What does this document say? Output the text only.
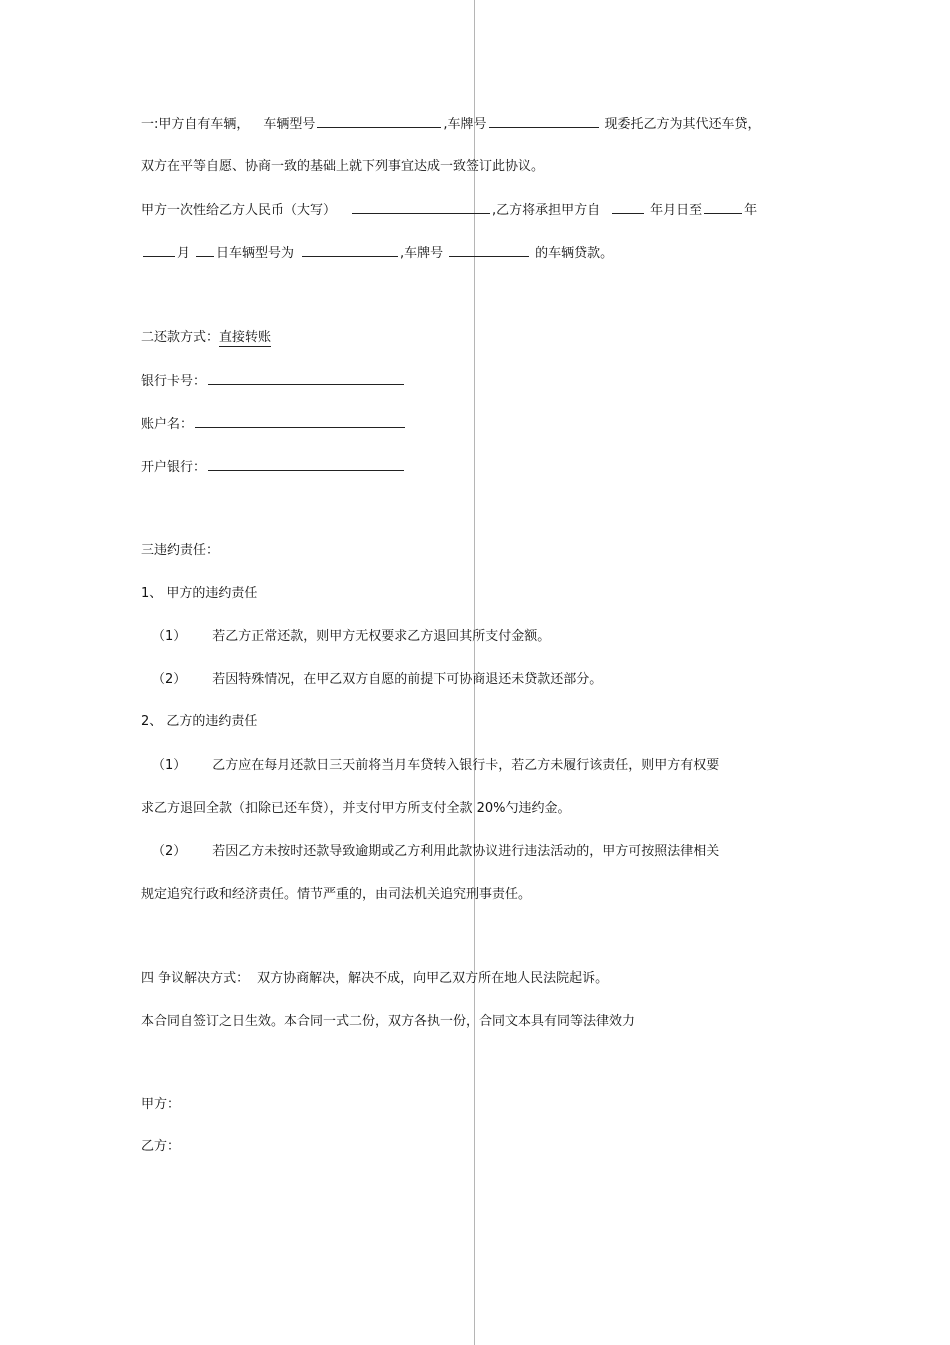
一:甲方自有车辆， 车辆型号	,车牌号	现委托乙方为其代还车贷，
双方在平等自愿、协商一致的基础上就下列事宜达成一致签订此协议。
甲方一次性给乙方人民币（大写）	,乙方将承担甲方自	年月日至	年
月 日车辆型号为	,车牌号	的车辆贷款。
二还款方式：直接转账
银行卡号：
账户名：
开户银行：
三违约责任：
1、 甲方的违约责任
（1） 若乙方正常还款，则甲方无权要求乙方退回其所支付金额。
（2） 若因特殊情况，在甲乙双方自愿的前提下可协商退还未贷款还部分。
2、 乙方的违约责任
（1） 乙方应在每月还款日三天前将当月车贷转入银行卡，若乙方未履行该责任，则甲方有权要
求乙方退回全款（扣除已还车贷），并支付甲方所支付全款 20%勺违约金。
（2） 若因乙方未按时还款导致逾期或乙方利用此款协议进行违法活动的，甲方可按照法律相关
规定追究行政和经济责任。情节严重的，由司法机关追究刑事责任。
四 争议解决方式： 双方协商解决，解决不成，向甲乙双方所在地人民法院起诉。
本合同自签订之日生效。本合同一式二份，双方各执一份，合同文本具有同等法律效力
甲方：
乙方：
